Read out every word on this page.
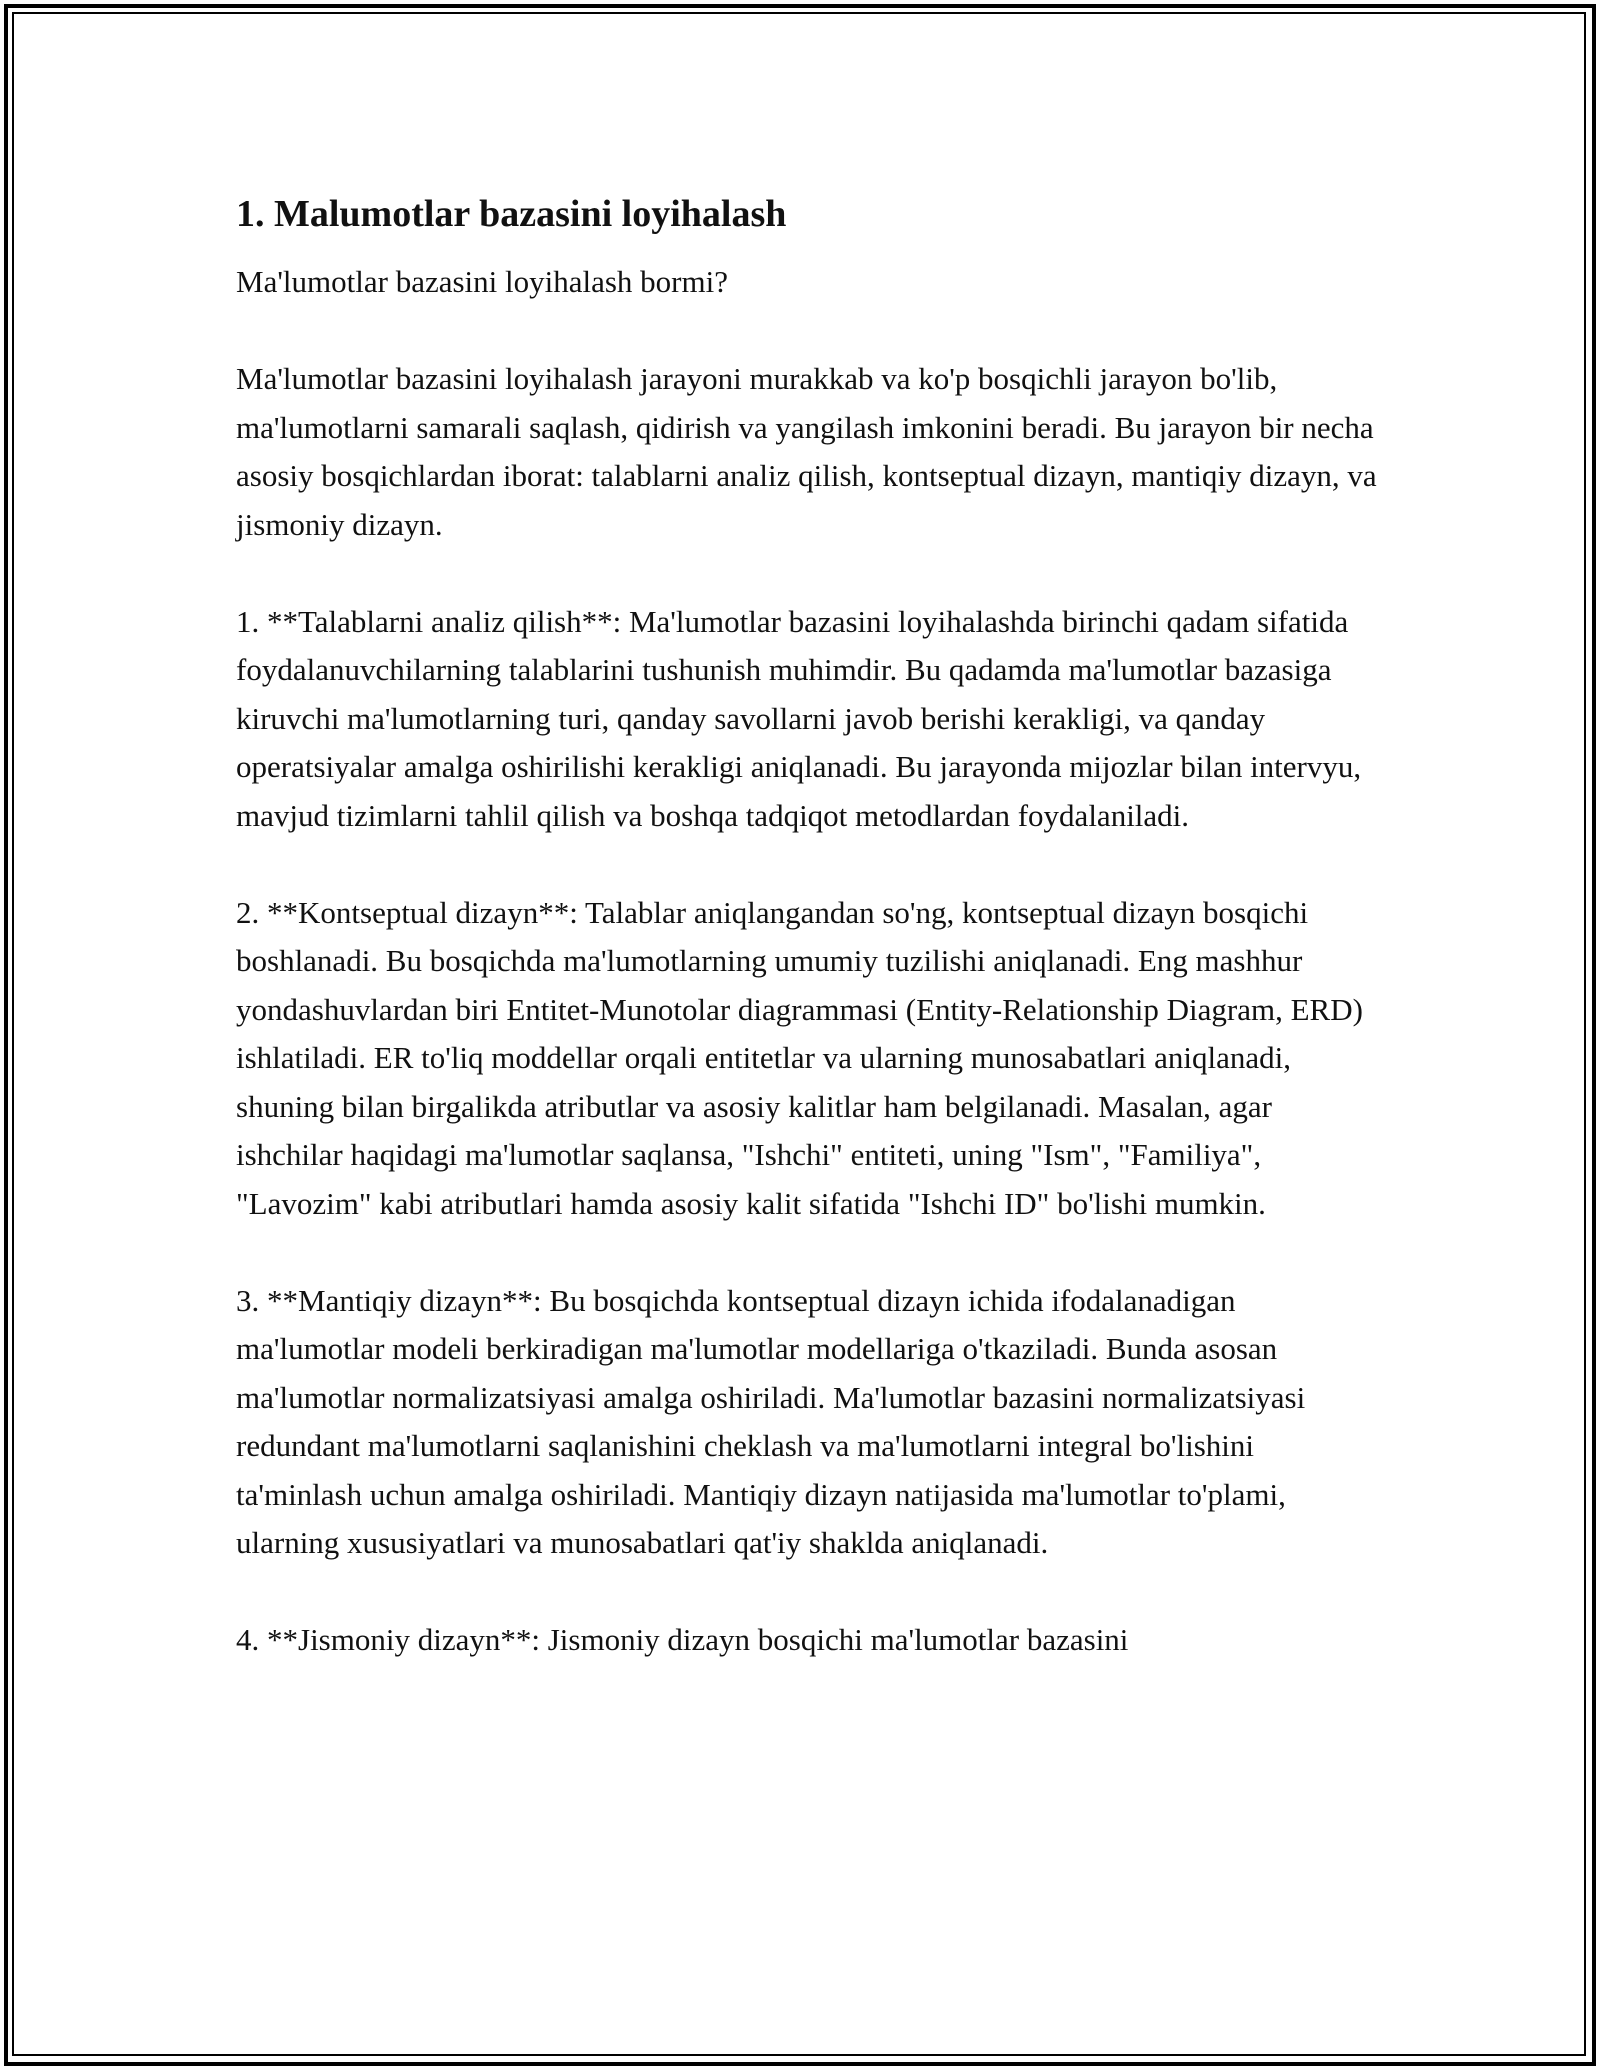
1. Malumotlar bazasini loyihalash

Ma'lumotlar bazasini loyihalash bormi?

Ma'lumotlar bazasini loyihalash jarayoni murakkab va ko'p bosqichli jarayon bo'lib, ma'lumotlarni samarali saqlash, qidirish va yangilash imkonini beradi. Bu jarayon bir necha asosiy bosqichlardan iborat: talablarni analiz qilish, kontseptual dizayn, mantiqiy dizayn, va jismoniy dizayn.

1. **Talablarni analiz qilish**: Ma'lumotlar bazasini loyihalashda birinchi qadam sifatida foydalanuvchilarning talablarini tushunish muhimdir. Bu qadamda ma'lumotlar bazasiga kiruvchi ma'lumotlarning turi, qanday savollarni javob berishi kerakligi, va qanday operatsiyalar amalga oshirilishi kerakligi aniqlanadi. Bu jarayonda mijozlar bilan intervyu, mavjud tizimlarni tahlil qilish va boshqa tadqiqot metodlardan foydalaniladi.

2. **Kontseptual dizayn**: Talablar aniqlangandan so'ng, kontseptual dizayn bosqichi boshlanadi. Bu bosqichda ma'lumotlarning umumiy tuzilishi aniqlanadi. Eng mashhur yondashuvlardan biri Entitet-Munotolar diagrammasi (Entity-Relationship Diagram, ERD) ishlatiladi. ER to'liq moddellar orqali entitetlar va ularning munosabatlari aniqlanadi, shuning bilan birgalikda atributlar va asosiy kalitlar ham belgilanadi. Masalan, agar ishchilar haqidagi ma'lumotlar saqlansa, "Ishchi" entiteti, uning "Ism", "Familiya", "Lavozim" kabi atributlari hamda asosiy kalit sifatida "Ishchi ID" bo'lishi mumkin.

3. **Mantiqiy dizayn**: Bu bosqichda kontseptual dizayn ichida ifodalanadigan ma'lumotlar modeli berkiradigan ma'lumotlar modellariga o'tkaziladi. Bunda asosan ma'lumotlar normalizatsiyasi amalga oshiriladi. Ma'lumotlar bazasini normalizatsiyasi redundant ma'lumotlarni saqlanishini cheklash va ma'lumotlarni integral bo'lishini ta'minlash uchun amalga oshiriladi. Mantiqiy dizayn natijasida ma'lumotlar to'plami, ularning xususiyatlari va munosabatlari qat'iy shaklda aniqlanadi.

4. **Jismoniy dizayn**: Jismoniy dizayn bosqichi ma'lumotlar bazasini
